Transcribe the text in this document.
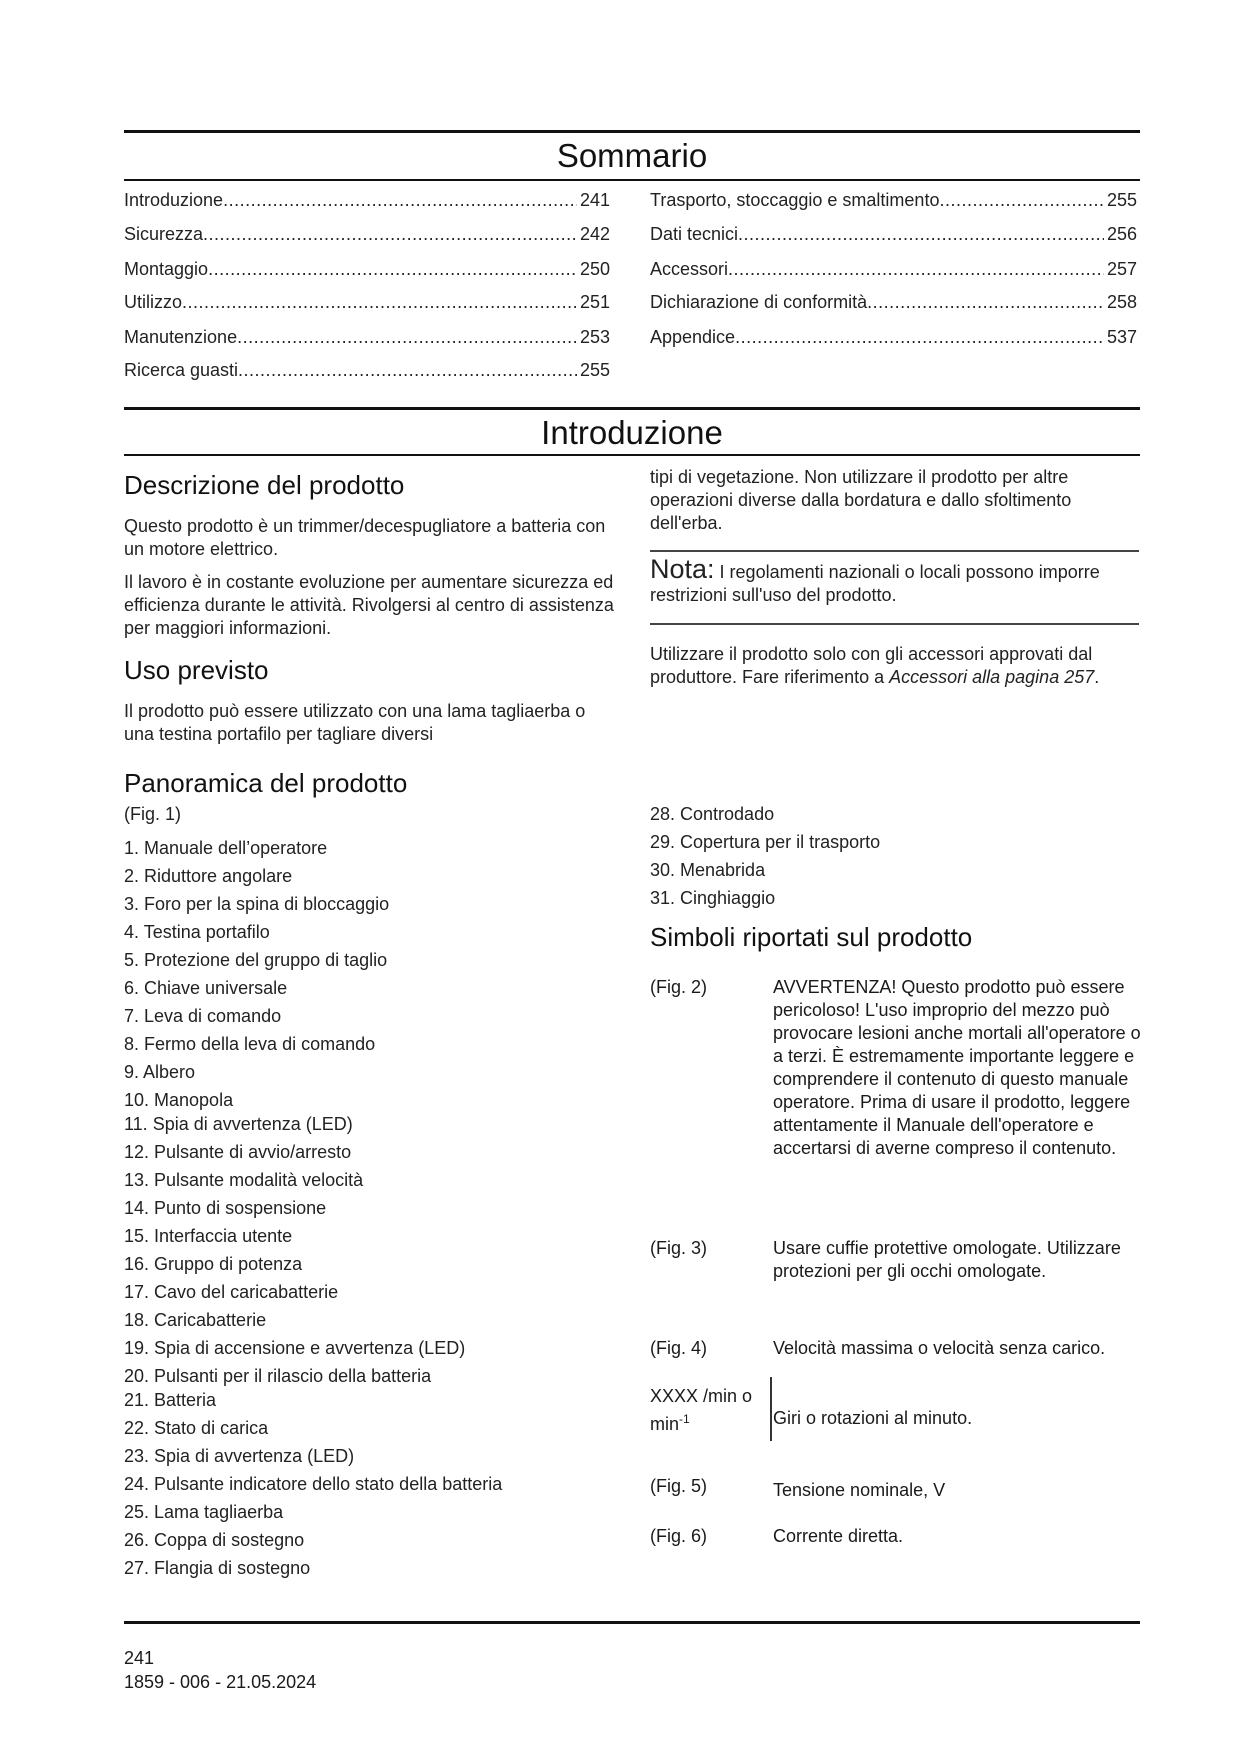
Sommario
Introduzione .....	241
Sicurezza .....	242
Montaggio .....	250
Utilizzo .....	251
Manutenzione .....	253
Ricerca guasti .....	255
Trasporto, stoccaggio e smaltimento .....	255
Dati tecnici .....	256
Accessori .....	257
Dichiarazione di conformità .....	258
Appendice .....	537
Introduzione
Descrizione del prodotto

Questo prodotto è un trimmer/decespugliatore a batteria con un motore elettrico.

Il lavoro è in costante evoluzione per aumentare sicurezza ed efficienza durante le attività. Rivolgersi al centro di assistenza per maggiori informazioni.

Uso previsto

Il prodotto può essere utilizzato con una lama tagliaerba o una testina portafilo per tagliare diversi

tipi di vegetazione. Non utilizzare il prodotto per altre operazioni diverse dalla bordatura e dallo sfoltimento dell'erba.

Nota: I regolamenti nazionali o locali possono imporre restrizioni sull'uso del prodotto.

Utilizzare il prodotto solo con gli accessori approvati dal produttore. Fare riferimento a Accessori alla pagina 257.

Panoramica del prodotto
(Fig. 1)
1. Manuale dell’operatore
2. Riduttore angolare
3. Foro per la spina di bloccaggio
4. Testina portafilo
5. Protezione del gruppo di taglio
6. Chiave universale
7. Leva di comando
8. Fermo della leva di comando
9. Albero
10. Manopola
11. Spia di avvertenza (LED)
12. Pulsante di avvio/arresto
13. Pulsante modalità velocità
14. Punto di sospensione
15. Interfaccia utente
16. Gruppo di potenza
17. Cavo del caricabatterie
18. Caricabatterie
19. Spia di accensione e avvertenza (LED)
20. Pulsanti per il rilascio della batteria
21. Batteria
22. Stato di carica
23. Spia di avvertenza (LED)
24. Pulsante indicatore dello stato della batteria
25. Lama tagliaerba
26. Coppa di sostegno
27. Flangia di sostegno
28. Controdado
29. Copertura per il trasporto
30. Menabrida
31. Cinghiaggio
Simboli riportati sul prodotto
(Fig. 2)	AVVERTENZA! Questo prodotto può essere pericoloso! L'uso improprio del mezzo può provocare lesioni anche mortali all'operatore o a terzi. È estremamente importante leggere e comprendere il contenuto di questo manuale operatore. Prima di usare il prodotto, leggere attentamente il Manuale dell'operatore e accertarsi di averne compreso il contenuto.
(Fig. 3)	Usare cuffie protettive omologate. Utilizzare protezioni per gli occhi omologate.
(Fig. 4)	Velocità massima o velocità senza carico.
XXXX /min o
$\min^{-1}$	Giri o rotazioni al minuto.
(Fig. 5)	Tensione nominale, V
(Fig. 6)	Corrente diretta.
1859 - 006 - 21.05.2024
241
